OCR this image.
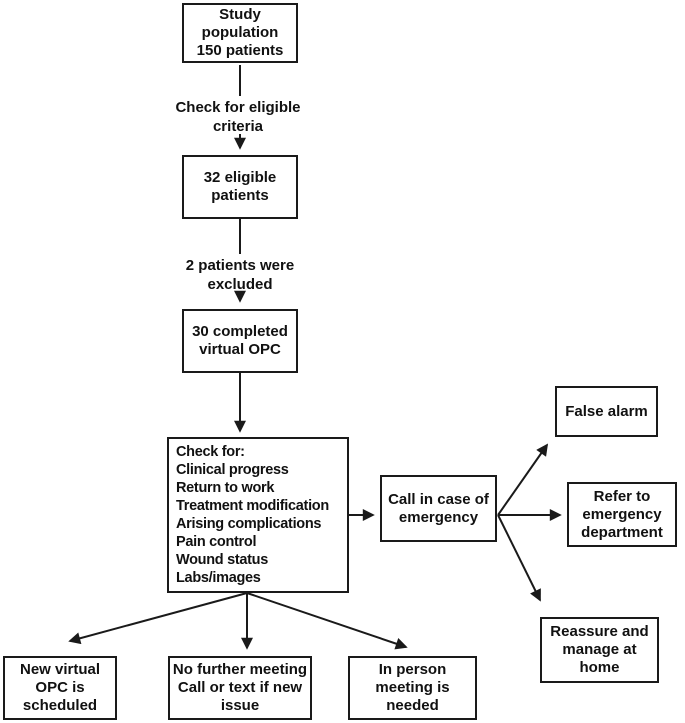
Study
population
150 patients
Check for eligible
criteria
32 eligible
patients
2 patients were
excluded
30 completed
virtual OPC
Check for:
Clinical progress
Return to work
Treatment modification
Arising complications
Pain control
Wound status
Labs/images
Call in case of
emergency
False alarm
Refer to
emergency
department
Reassure and
manage at
home
New virtual
OPC is
scheduled
No further meeting
Call or text if new
issue
In person
meeting is
needed
